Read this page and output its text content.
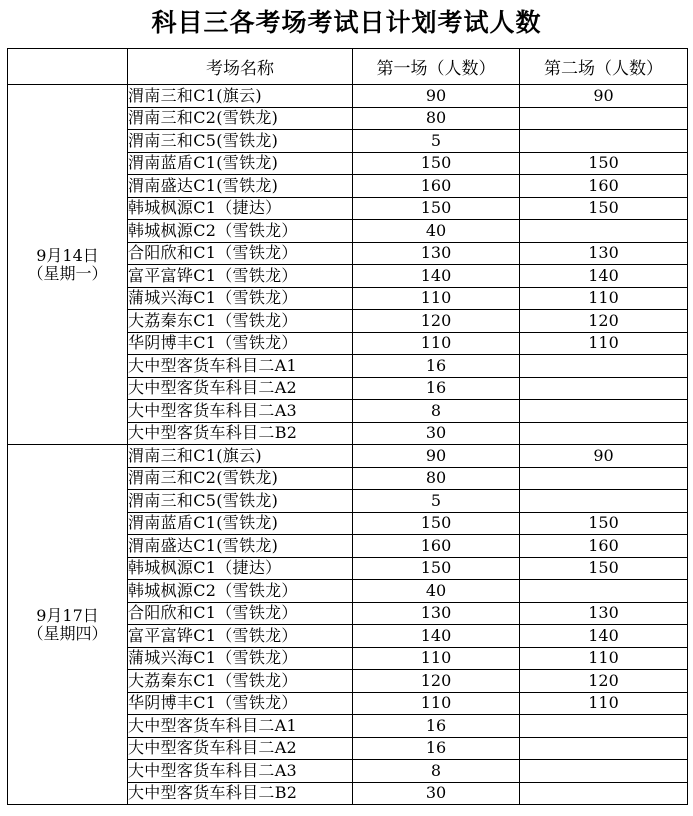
科目三各考场考试日计划考试人数
	考场名称	第一场（人数）	第二场（人数）

9月14日
（星期一）	渭南三和C1(旗云)	90	90
	渭南三和C2(雪铁龙)	80	
	渭南三和C5(雪铁龙)	5	
	渭南蓝盾C1(雪铁龙)	150	150
	渭南盛达C1(雪铁龙)	160	160
	韩城枫源C1（捷达）	150	150
	韩城枫源C2（雪铁龙）	40	
	合阳欣和C1（雪铁龙）	130	130
	富平富铧C1（雪铁龙）	140	140
	蒲城兴海C1（雪铁龙）	110	110
	大荔秦东C1（雪铁龙）	120	120
	华阴博丰C1（雪铁龙）	110	110
	大中型客货车科目二A1	16	
	大中型客货车科目二A2	16	
	大中型客货车科目二A3	8	
	大中型客货车科目二B2	30	

9月17日
（星期四）	渭南三和C1(旗云)	90	90
	渭南三和C2(雪铁龙)	80	
	渭南三和C5(雪铁龙)	5	
	渭南蓝盾C1(雪铁龙)	150	150
	渭南盛达C1(雪铁龙)	160	160
	韩城枫源C1（捷达）	150	150
	韩城枫源C2（雪铁龙）	40	
	合阳欣和C1（雪铁龙）	130	130
	富平富铧C1（雪铁龙）	140	140
	蒲城兴海C1（雪铁龙）	110	110
	大荔秦东C1（雪铁龙）	120	120
	华阴博丰C1（雪铁龙）	110	110
	大中型客货车科目二A1	16	
	大中型客货车科目二A2	16	
	大中型客货车科目二A3	8	
	大中型客货车科目二B2	30	
